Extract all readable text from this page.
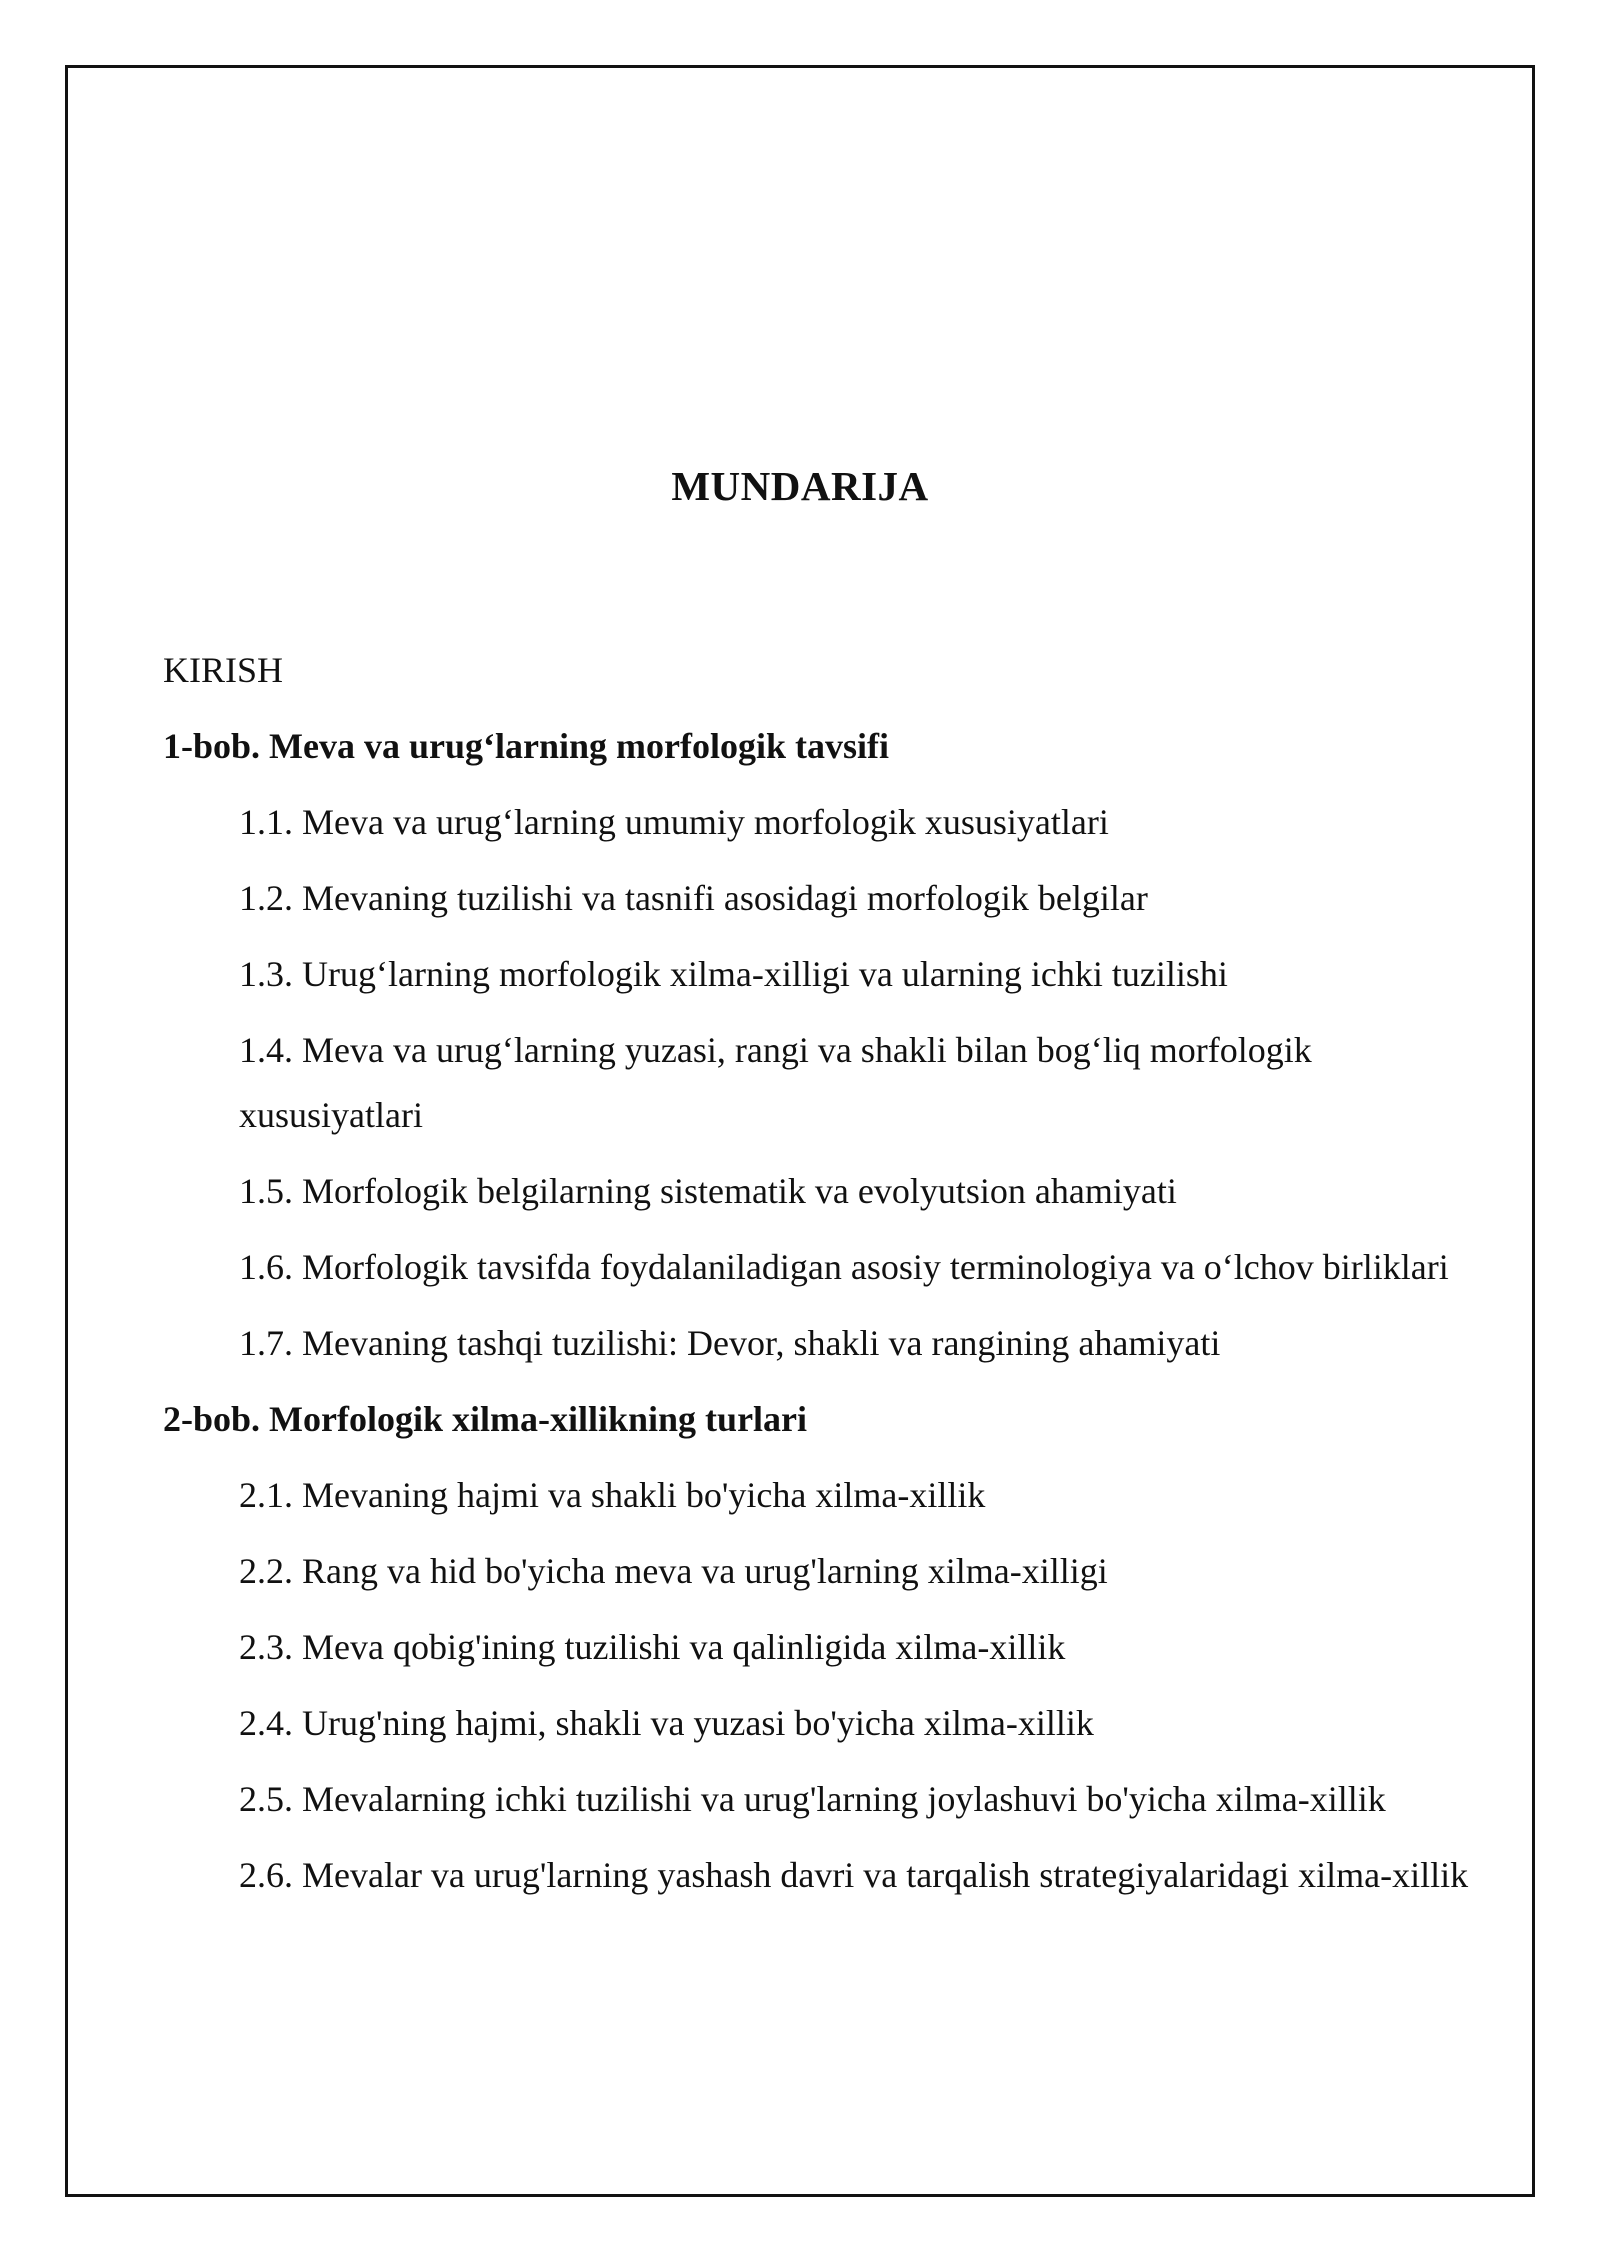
MUNDARIJA
KIRISH
1-bob. Meva va urug‘larning morfologik tavsifi
1.1. Meva va urug‘larning umumiy morfologik xususiyatlari
1.2. Mevaning tuzilishi va tasnifi asosidagi morfologik belgilar
1.3. Urug‘larning morfologik xilma-xilligi va ularning ichki tuzilishi
1.4. Meva va urug‘larning yuzasi, rangi va shakli bilan bog‘liq morfologik xususiyatlari
1.5. Morfologik belgilarning sistematik va evolyutsion ahamiyati
1.6. Morfologik tavsifda foydalaniladigan asosiy terminologiya va o‘lchov birliklari
1.7. Mevaning tashqi tuzilishi: Devor, shakli va rangining ahamiyati
2-bob. Morfologik xilma-xillikning turlari
2.1. Mevaning hajmi va shakli bo'yicha xilma-xillik
2.2. Rang va hid bo'yicha meva va urug'larning xilma-xilligi
2.3. Meva qobig'ining tuzilishi va qalinligida xilma-xillik
2.4. Urug'ning hajmi, shakli va yuzasi bo'yicha xilma-xillik
2.5. Mevalarning ichki tuzilishi va urug'larning joylashuvi bo'yicha xilma-xillik
2.6. Mevalar va urug'larning yashash davri va tarqalish strategiyalaridagi xilma-xillik
